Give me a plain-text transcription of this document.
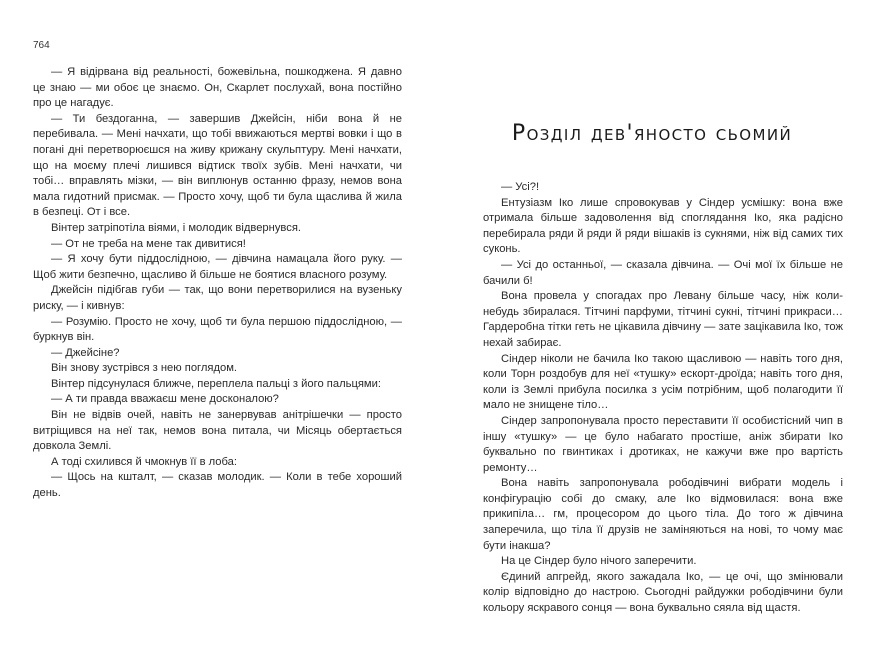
764

— Я відірвана від реальності, божевільна, пошкоджена. Я давно це знаю — ми обоє це знаємо. Он, Скарлет послухай, вона постійно про це нагадує.

— Ти бездоганна, — завершив Джейсін, ніби вона й не перебивала. — Мені начхати, що тобі ввижаються мертві вовки і що в погані дні перетворюєшся на живу крижану скульптуру. Мені начхати, що на моєму плечі лишився відтиск твоїх зубів. Мені начхати, чи тобі… вправлять мізки, — він виплюнув останню фразу, немов вона мала гидотний присмак. — Просто хочу, щоб ти була щаслива й жила в безпеці. От і все.

Вінтер затріпотіла віями, і молодик відвернувся.

— От не треба на мене так дивитися!

— Я хочу бути піддослідною, — дівчина намацала його руку. — Щоб жити безпечно, щасливо й більше не боятися власного розуму.

Джейсін підібгав губи — так, що вони перетворилися на вузеньку риску, — і кивнув:

— Розумію. Просто не хочу, щоб ти була першою піддослідною, — буркнув він.

— Джейсіне?

Він знову зустрівся з нею поглядом.

Вінтер підсунулася ближче, переплела пальці з його пальцями:

— А ти правда вважаєш мене досконалою?

Він не відвів очей, навіть не занервував анітрішечки — просто витріщився на неї так, немов вона питала, чи Місяць обертається довкола Землі.

А тоді схилився й чмокнув її в лоба:

— Щось на кшталт, — сказав молодик. — Коли в тебе хороший день.

Розділ дев'яносто сьомий

— Усі?!

Ентузіазм Іко лише спровокував у Сіндер усмішку: вона вже отримала більше задоволення від споглядання Іко, яка радісно перебирала ряди й ряди й ряди вішаків із сукнями, ніж від самих тих суконь.

— Усі до останньої, — сказала дівчина. — Очі мої їх більше не бачили б!

Вона провела у спогадах про Левану більше часу, ніж коли-небудь збиралася. Тітчині парфуми, тітчині сукні, тітчині прикраси… Гардеробна тітки геть не цікавила дівчину — зате зацікавила Іко, тож нехай забирає.

Сіндер ніколи не бачила Іко такою щасливою — навіть того дня, коли Торн роздобув для неї «тушку» ескорт-дроїда; навіть того дня, коли із Землі прибула посилка з усім потрібним, щоб полагодити її мало не знищене тіло…

Сіндер запропонувала просто переставити її особистісний чип в іншу «тушку» — це було набагато простіше, аніж збирати Іко буквально по гвинтиках і дротиках, не кажучи вже про вартість ремонту…

Вона навіть запропонувала рободівчині вибрати модель і конфігурацію собі до смаку, але Іко відмовилася: вона вже прикипіла… гм, процесором до цього тіла. До того ж дівчина заперечила, що тіла її друзів не заміняються на нові, то чому має бути інакша?

На це Сіндер було нічого заперечити.

Єдиний апгрейд, якого зажадала Іко, — це очі, що змінювали колір відповідно до настрою. Сьогодні райдужки рободівчини були кольору яскравого сонця — вона буквально сяяла від щастя.
